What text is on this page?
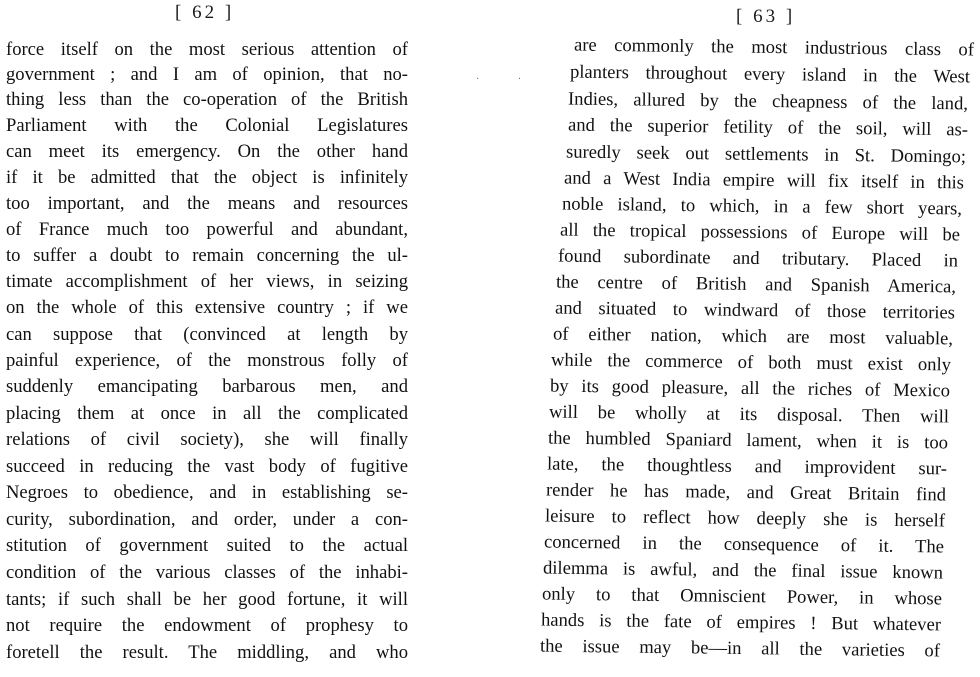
[ 62 ]
force itself on the most serious attention of
government ; and I am of opinion, that no-
thing less than the co-operation of the British
Parliament with the Colonial Legislatures
can meet its emergency. On the other hand
if it be admitted that the object is infinitely
too important, and the means and resources
of France much too powerful and abundant,
to suffer a doubt to remain concerning the ul-
timate accomplishment of her views, in seizing
on the whole of this extensive country ; if we
can suppose that (convinced at length by
painful experience, of the monstrous folly of
suddenly emancipating barbarous men, and
placing them at once in all the complicated
relations of civil society), she will finally
succeed in reducing the vast body of fugitive
Negroes to obedience, and in establishing se-
curity, subordination, and order, under a con-
stitution of government suited to the actual
condition of the various classes of the inhabi-
tants; if such shall be her good fortune, it will
not require the endowment of prophesy to
foretell the result. The middling, and who
· ·
[ 63 ]
are commonly the most industrious class of
planters throughout every island in the West
Indies, allured by the cheapness of the land,
and the superior fetility of the soil, will as-
suredly seek out settlements in St. Domingo;
and a West India empire will fix itself in this
noble island, to which, in a few short years,
all the tropical possessions of Europe will be
found subordinate and tributary. Placed in
the centre of British and Spanish America,
and situated to windward of those territories
of either nation, which are most valuable,
while the commerce of both must exist only
by its good pleasure, all the riches of Mexico
will be wholly at its disposal. Then will
the humbled Spaniard lament, when it is too
late, the thoughtless and improvident sur-
render he has made, and Great Britain find
leisure to reflect how deeply she is herself
concerned in the consequence of it. The
dilemma is awful, and the final issue known
only to that Omniscient Power, in whose
hands is the fate of empires ! But whatever
the issue may be—in all the varieties of
